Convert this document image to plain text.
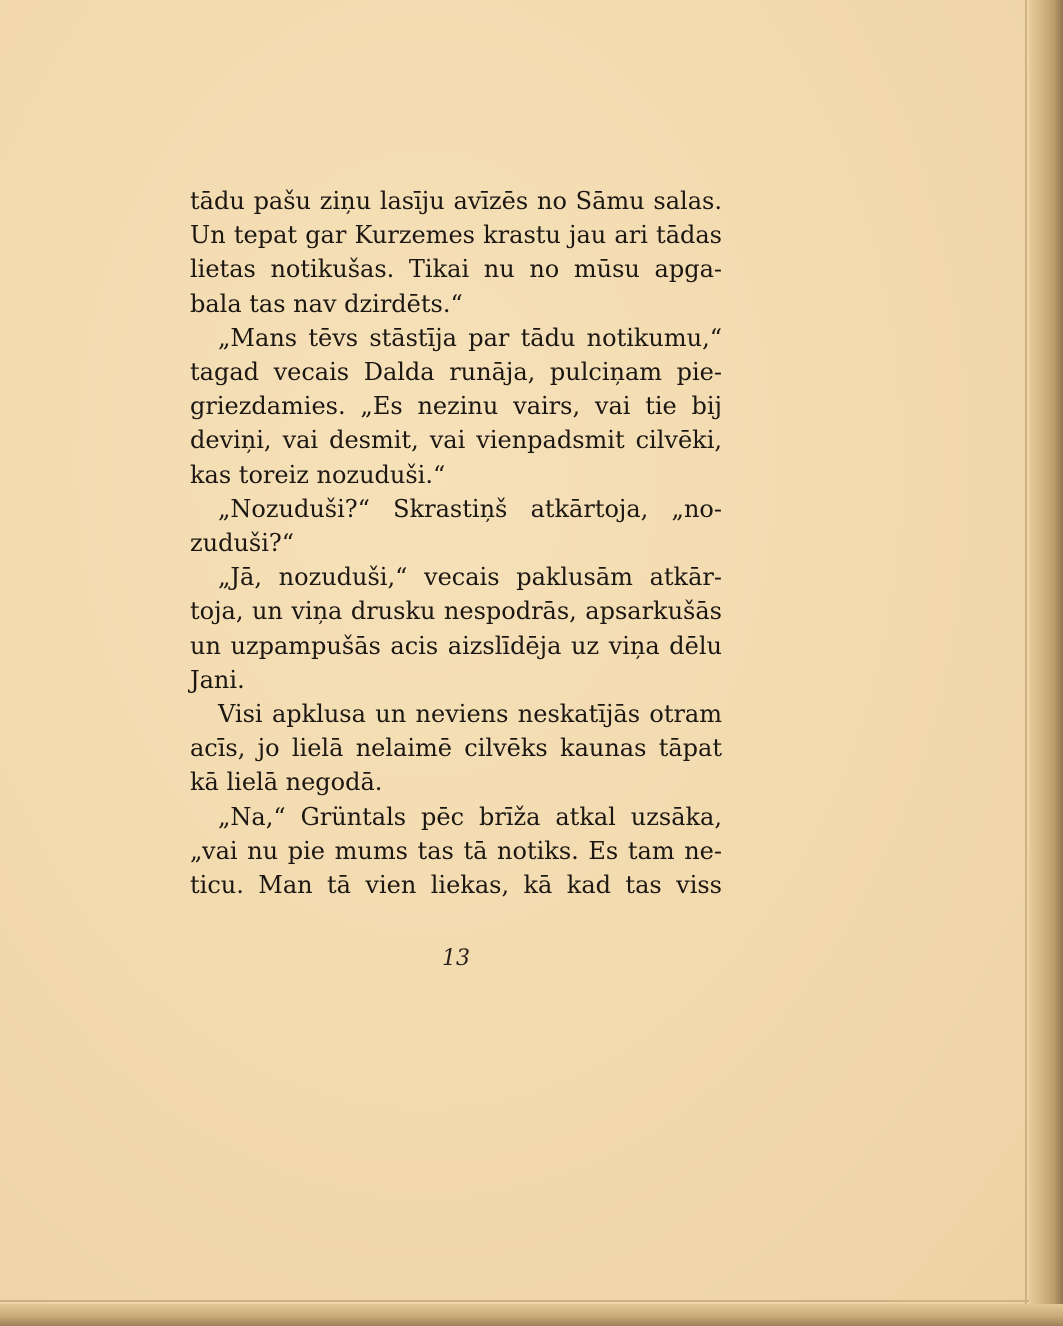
tādu pašu ziņu lasīju avīzēs no Sāmu salas.
Un tepat gar Kurzemes krastu jau ari tādas
lietas notikušas. Tikai nu no mūsu apga-
bala tas nav dzirdēts.“

„Mans tēvs stāstīja par tādu notikumu,“
tagad vecais Dalda runāja, pulciņam pie-
griezdamies. „Es nezinu vairs, vai tie bij
deviņi, vai desmit, vai vienpadsmit cilvēki,
kas toreiz nozuduši.“

„Nozuduši?“ Skrastiņš atkārtoja, „no-
zuduši?“

„Jā, nozuduši,“ vecais paklusām atkār-
toja, un viņa drusku nespodrās, apsarkušās
un uzpampušās acis aizslīdēja uz viņa dēlu
Jani.

Visi apklusa un neviens neskatījās otram
acīs, jo lielā nelaimē cilvēks kaunas tāpat
kā lielā negodā.

„Na,“ Grüntals pēc brīža atkal uzsāka,
„vai nu pie mums tas tā notiks. Es tam ne-
ticu. Man tā vien liekas, kā kad tas viss

13
